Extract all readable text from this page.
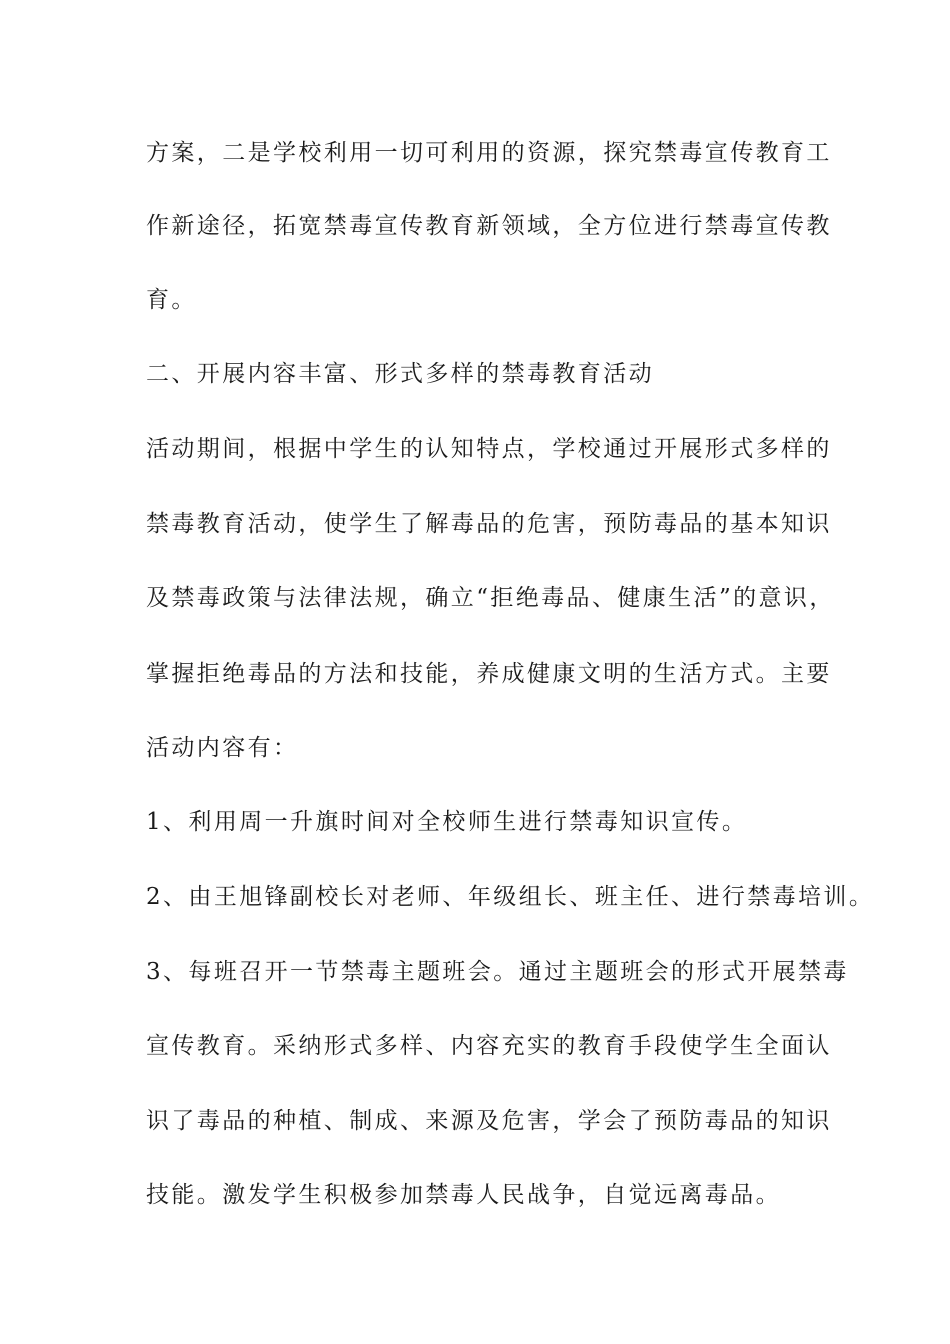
方案，二是学校利用一切可利用的资源，探究禁毒宣传教育工
作新途径，拓宽禁毒宣传教育新领域，全方位进行禁毒宣传教
育。
二、开展内容丰富、形式多样的禁毒教育活动
活动期间，根据中学生的认知特点，学校通过开展形式多样的
禁毒教育活动，使学生了解毒品的危害，预防毒品的基本知识
及禁毒政策与法律法规，确立“拒绝毒品、健康生活”的意识，
掌握拒绝毒品的方法和技能，养成健康文明的生活方式。主要
活动内容有：
1、利用周一升旗时间对全校师生进行禁毒知识宣传。
2、由王旭锋副校长对老师、年级组长、班主任、进行禁毒培训。
3、每班召开一节禁毒主题班会。通过主题班会的形式开展禁毒
宣传教育。采纳形式多样、内容充实的教育手段使学生全面认
识了毒品的种植、制成、来源及危害，学会了预防毒品的知识
技能。激发学生积极参加禁毒人民战争，自觉远离毒品。
